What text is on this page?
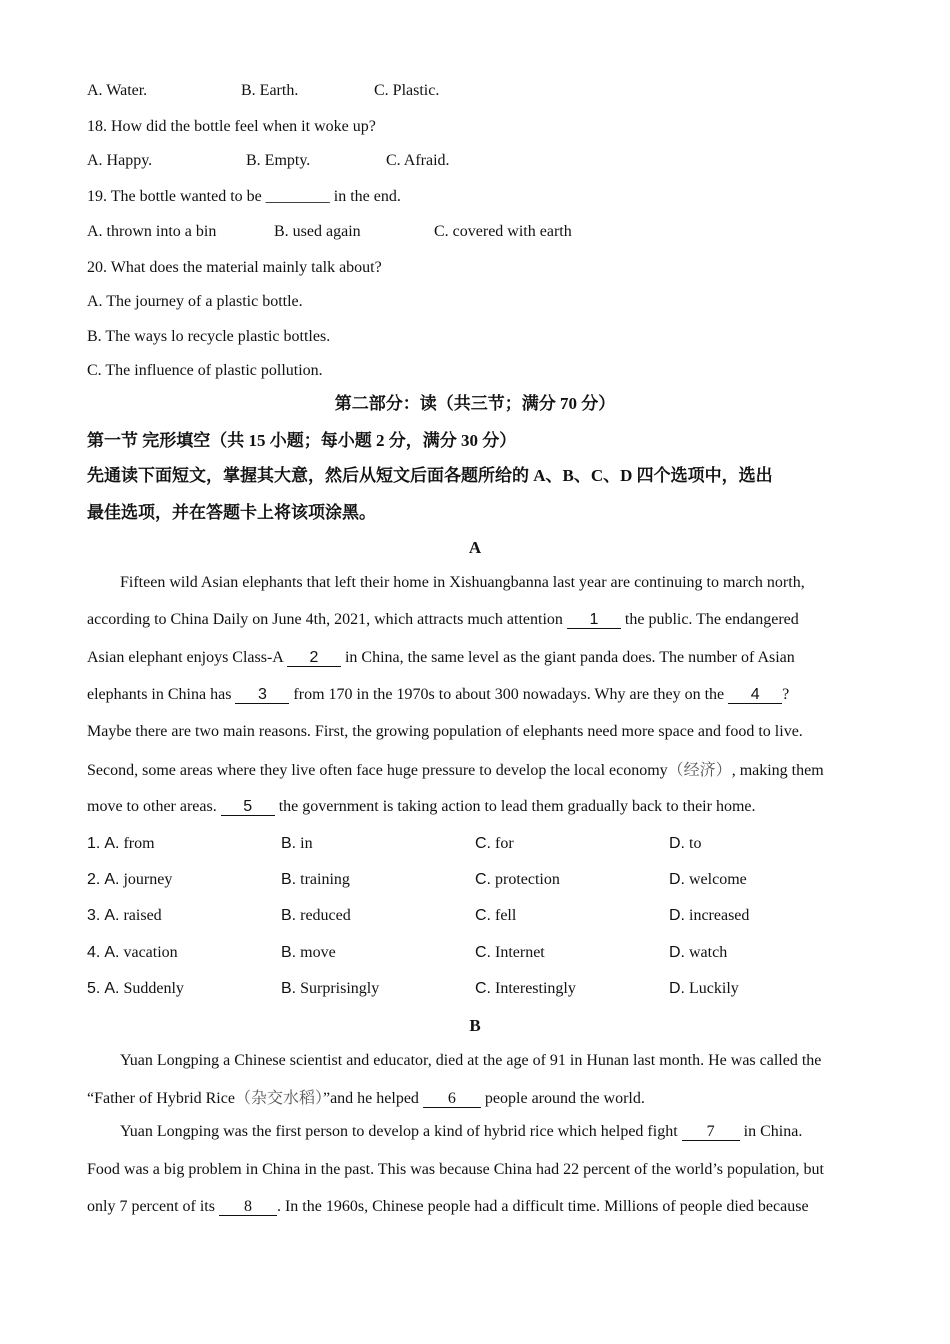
A. Water.	B. Earth.	C. Plastic.
18. How did the bottle feel when it woke up?
A. Happy.	B. Empty.	C. Afraid.
19. The bottle wanted to be ________ in the end.
A. thrown into a bin	B. used again	C. covered with earth
20. What does the material mainly talk about?
A. The journey of a plastic bottle.
B. The ways lo recycle plastic bottles.
C. The influence of plastic pollution.
第二部分：读（共三节；满分 70 分）
第一节 完形填空（共 15 小题；每小题 2 分，满分 30 分）
先通读下面短文，掌握其大意，然后从短文后面各题所给的 A、B、C、D 四个选项中，选出
最佳选项，并在答题卡上将该项涂黑。
A
Fifteen wild Asian elephants that left their home in Xishuangbanna last year are continuing to march north,
according to China Daily on June 4th, 2021, which attracts much attention 1 the public. The endangered
Asian elephant enjoys Class-A 2 in China, the same level as the giant panda does. The number of Asian
elephants in China has 3 from 170 in the 1970s to about 300 nowadays. Why are they on the 4 ?
Maybe there are two main reasons. First, the growing population of elephants need more space and food to live.
Second, some areas where they live often face huge pressure to develop the local economy（经济）, making them
move to other areas. 5 the government is taking action to lead them gradually back to their home.
1. A. from	B. in	C. for	D. to
2. A. journey	B. training	C. protection	D. welcome
3. A. raised	B. reduced	C. fell	D. increased
4. A. vacation	B. move	C. Internet	D. watch
5. A. Suddenly	B. Surprisingly	C. Interestingly	D. Luckily
B
Yuan Longping a Chinese scientist and educator, died at the age of 91 in Hunan last month. He was called the
“Father of Hybrid Rice（杂交水稻）”and he helped 6 people around the world.
Yuan Longping was the first person to develop a kind of hybrid rice which helped fight 7 in China.
Food was a big problem in China in the past. This was because China had 22 percent of the world’s population, but
only 7 percent of its 8 . In the 1960s, Chinese people had a difficult time. Millions of people died because
